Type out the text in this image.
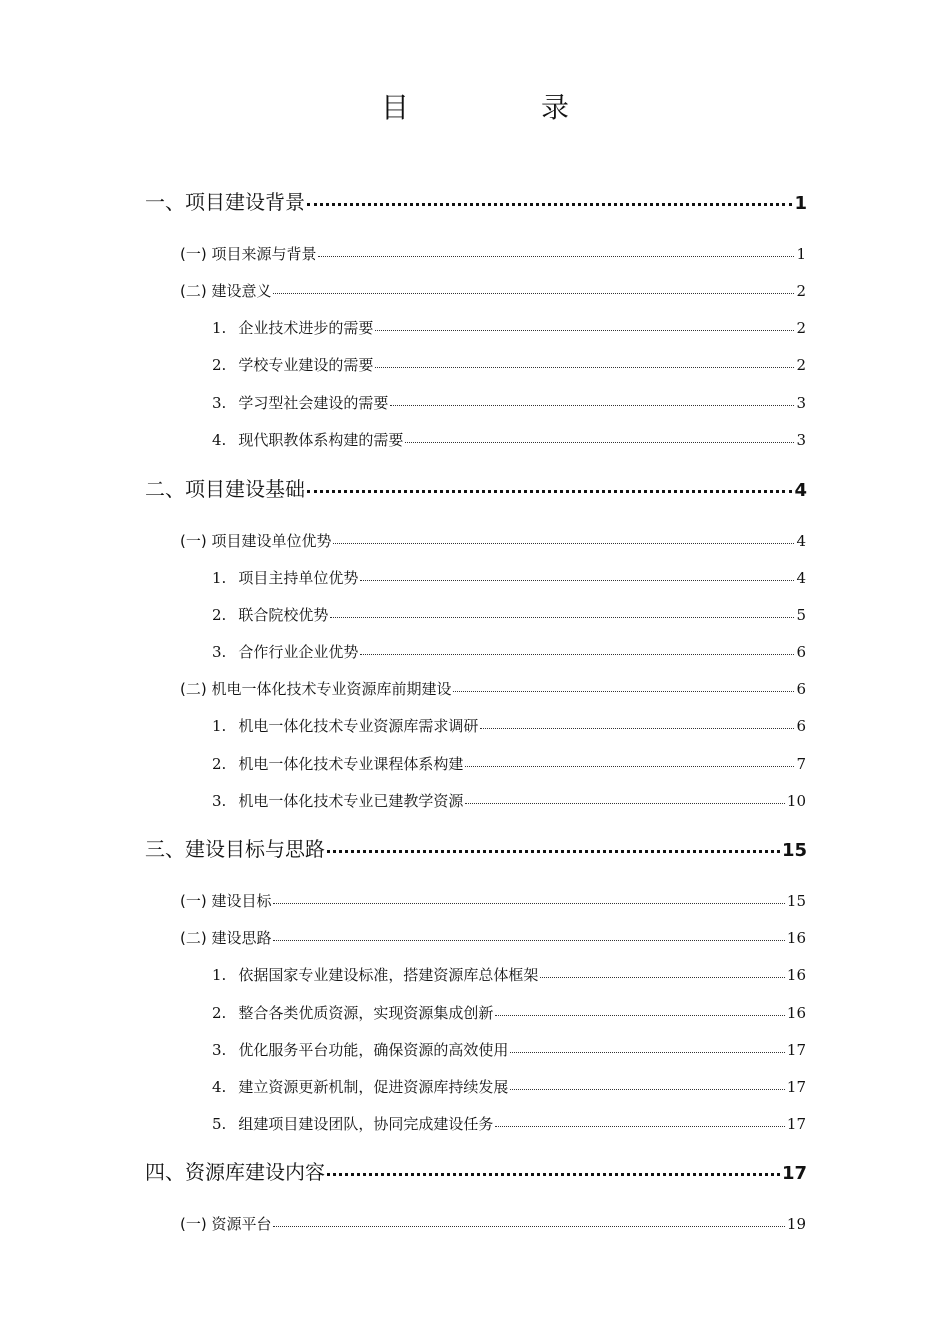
目　录
一、项目建设背景	1
(一) 项目来源与背景	1
(二) 建设意义	2
1. 企业技术进步的需要	2
2. 学校专业建设的需要	2
3. 学习型社会建设的需要	3
4. 现代职教体系构建的需要	3
二、项目建设基础	4
(一) 项目建设单位优势	4
1. 项目主持单位优势	4
2. 联合院校优势	5
3. 合作行业企业优势	6
(二) 机电一体化技术专业资源库前期建设	6
1. 机电一体化技术专业资源库需求调研	6
2. 机电一体化技术专业课程体系构建	7
3. 机电一体化技术专业已建教学资源	10
三、建设目标与思路	15
(一) 建设目标	15
(二) 建设思路	16
1. 依据国家专业建设标准，搭建资源库总体框架	16
2. 整合各类优质资源，实现资源集成创新	16
3. 优化服务平台功能，确保资源的高效使用	17
4. 建立资源更新机制，促进资源库持续发展	17
5. 组建项目建设团队，协同完成建设任务	17
四、资源库建设内容	17
(一) 资源平台	19
